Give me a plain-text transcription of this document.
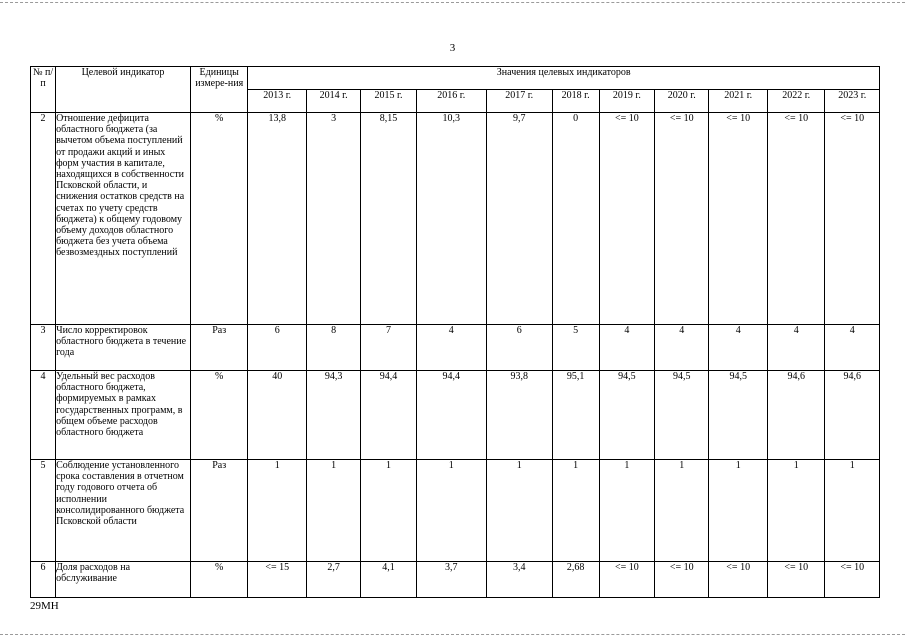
3
№ п/п	Целевой индикатор	Единицы измере-ния	Значения целевых индикаторов										
			2013 г.	2014 г.	2015 г.	2016 г.	2017 г.	2018 г.	2019 г.	2020 г.	2021 г.	2022 г.	2023 г.
2	Отношение дефицита областного бюджета (за вычетом объема поступлений от продажи акций и иных форм участия в капитале, находящихся в собственности Псковской области, и снижения остатков средств на счетах по учету средств бюджета) к общему годовому объему доходов областного бюджета без учета объема безвозмездных поступлений	%	13,8	3	8,15	10,3	9,7	0	<= 10	<= 10	<= 10	<= 10	<= 10
3	Число корректировок областного бюджета в течение года	Раз	6	8	7	4	6	5	4	4	4	4	4
4	Удельный вес расходов областного бюджета, формируемых в рамках государственных программ, в общем объеме расходов областного бюджета	%	40	94,3	94,4	94,4	93,8	95,1	94,5	94,5	94,5	94,6	94,6
5	Соблюдение установленного срока составления в отчетном году годового отчета об исполнении консолидированного бюджета Псковской области	Раз	1	1	1	1	1	1	1	1	1	1	1
6	Доля расходов на обслуживание	%	<= 15	2,7	4,1	3,7	3,4	2,68	<= 10	<= 10	<= 10	<= 10	<= 10
29МН
